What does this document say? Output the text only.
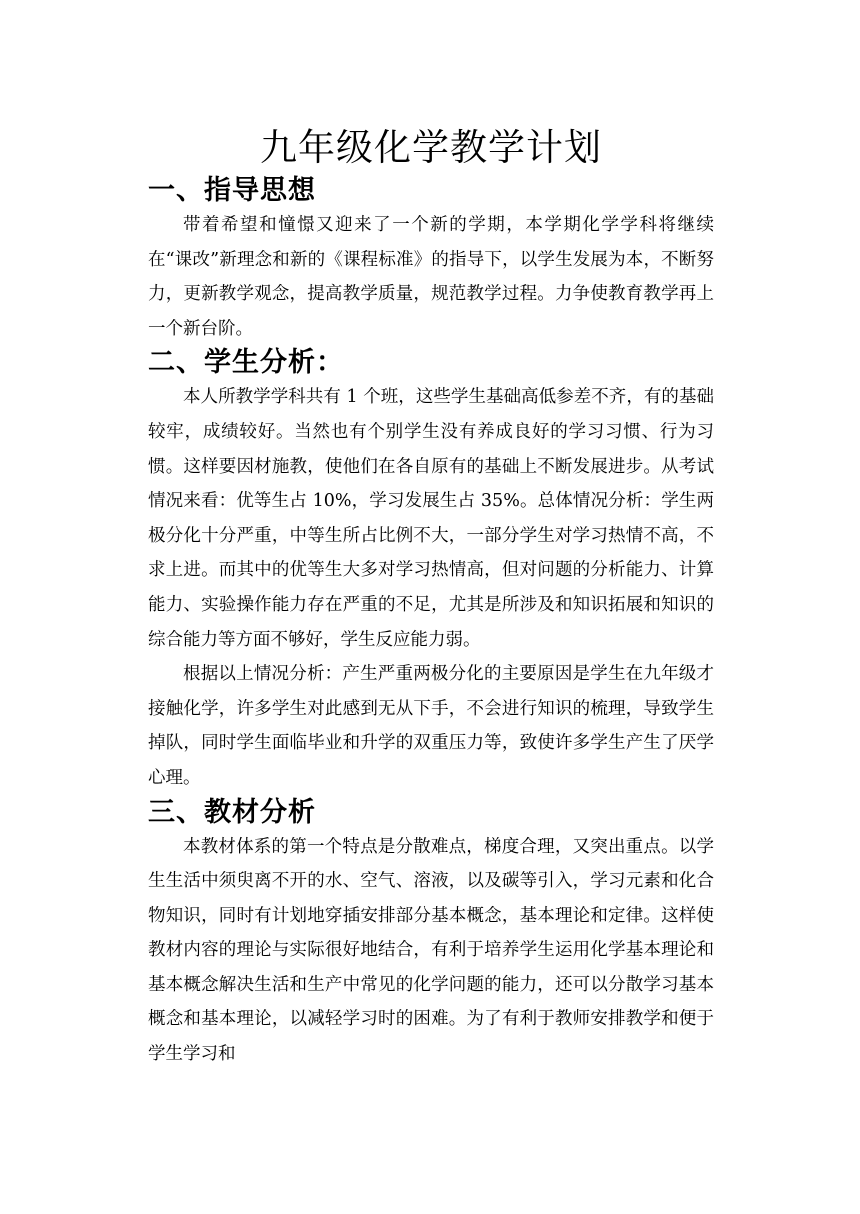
九年级化学教学计划
一、指导思想

带着希望和憧憬又迎来了一个新的学期，本学期化学学科将继续在“课改”新理念和新的《课程标准》的指导下，以学生发展为本，不断努力，更新教学观念，提高教学质量，规范教学过程。力争使教育教学再上一个新台阶。

二、学生分析：

本人所教学学科共有 1 个班，这些学生基础高低参差不齐，有的基础较牢，成绩较好。当然也有个别学生没有养成良好的学习习惯、行为习惯。这样要因材施教，使他们在各自原有的基础上不断发展进步。从考试情况来看：优等生占 10%，学习发展生占 35%。总体情况分析：学生两极分化十分严重，中等生所占比例不大，一部分学生对学习热情不高，不求上进。而其中的优等生大多对学习热情高，但对问题的分析能力、计算能力、实验操作能力存在严重的不足，尤其是所涉及和知识拓展和知识的综合能力等方面不够好，学生反应能力弱。

根据以上情况分析：产生严重两极分化的主要原因是学生在九年级才接触化学，许多学生对此感到无从下手，不会进行知识的梳理，导致学生掉队，同时学生面临毕业和升学的双重压力等，致使许多学生产生了厌学心理。

三、教材分析

本教材体系的第一个特点是分散难点，梯度合理，又突出重点。以学生生活中须臾离不开的水、空气、溶液，以及碳等引入，学习元素和化合物知识，同时有计划地穿插安排部分基本概念，基本理论和定律。这样使教材内容的理论与实际很好地结合，有利于培养学生运用化学基本理论和基本概念解决生活和生产中常见的化学问题的能力，还可以分散学习基本概念和基本理论，以减轻学习时的困难。为了有利于教师安排教学和便于学生学习和
